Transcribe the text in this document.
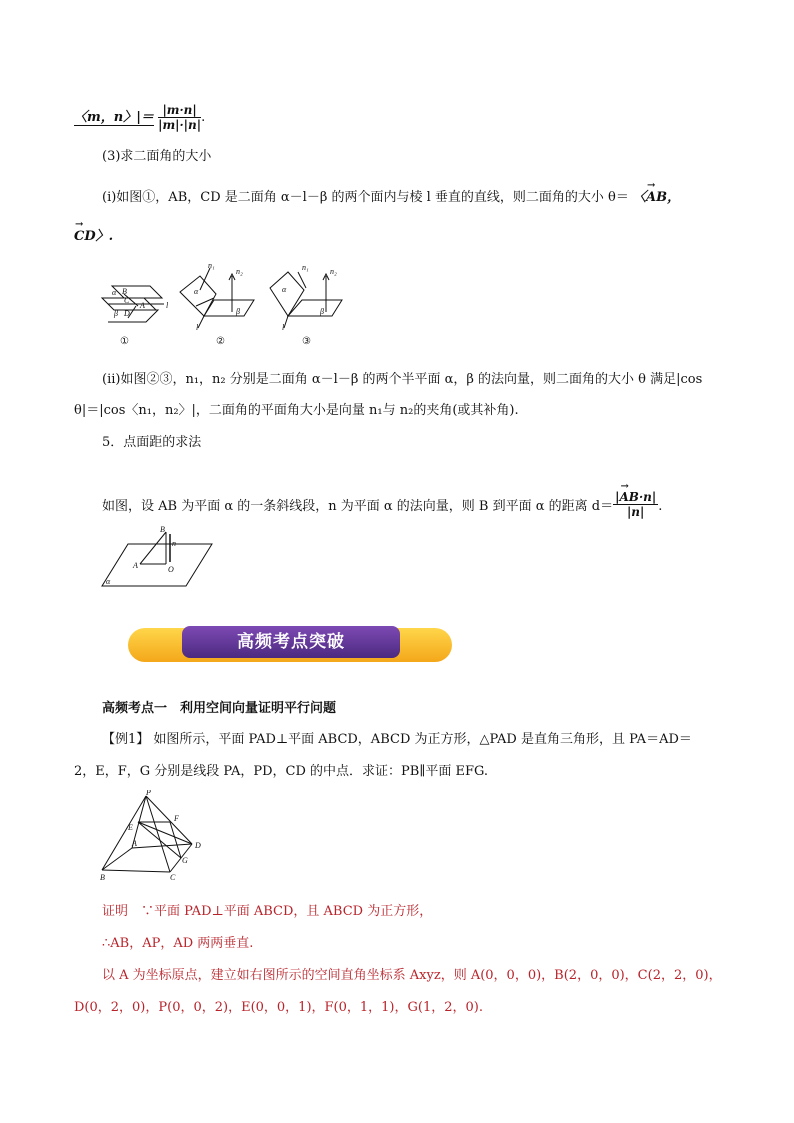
〈m，n〉|＝ $\frac{|m\cdot n|}{|m|\cdot|n|}$ .
(3)求二面角的大小
(ⅰ)如图①，AB，CD 是二面角 α－l－β 的两个面内与棱 l 垂直的直线，则二面角的大小 θ＝ 〈→ AB，
→ CD〉.
α B
C
A
β D
l
①
n₁
n₂
α
β
l
②
n₁	n₂
α
β
l
③
(ⅱ)如图②③，n₁，n₂ 分别是二面角 α－l－β 的两个半平面 α，β 的法向量，则二面角的大小 θ 满足|cos
θ|＝|cos〈n₁，n₂〉|，二面角的平面角大小是向量 n₁与 n₂的夹角(或其补角).
5．点面距的求法
如图，设 AB 为平面 α 的一条斜线段，n 为平面 α 的法向量，则 B 到平面 α 的距离 $d= \frac{|\to AB\cdot n|}{|n|}$ .
B
n
A	O
α
高频考点突破
高频考点一　利用空间向量证明平行问题
【例1】 如图所示，平面 PAD⊥平面 ABCD，ABCD 为正方形，△PAD 是直角三角形，且 PA＝AD＝
2，E，F，G 分别是线段 PA，PD，CD 的中点．求证：PB∥平面 EFG.
P
E
F
A	D
G
B	C
证明　∵平面 PAD⊥平面 ABCD，且 ABCD 为正方形，
∴AB，AP，AD 两两垂直.
以 A 为坐标原点，建立如右图所示的空间直角坐标系 Axyz，则 A(0，0，0)，B(2，0，0)，C(2，2，0)，
D(0，2，0)，P(0，0，2)，E(0，0，1)，F(0，1，1)，G(1，2，0).
